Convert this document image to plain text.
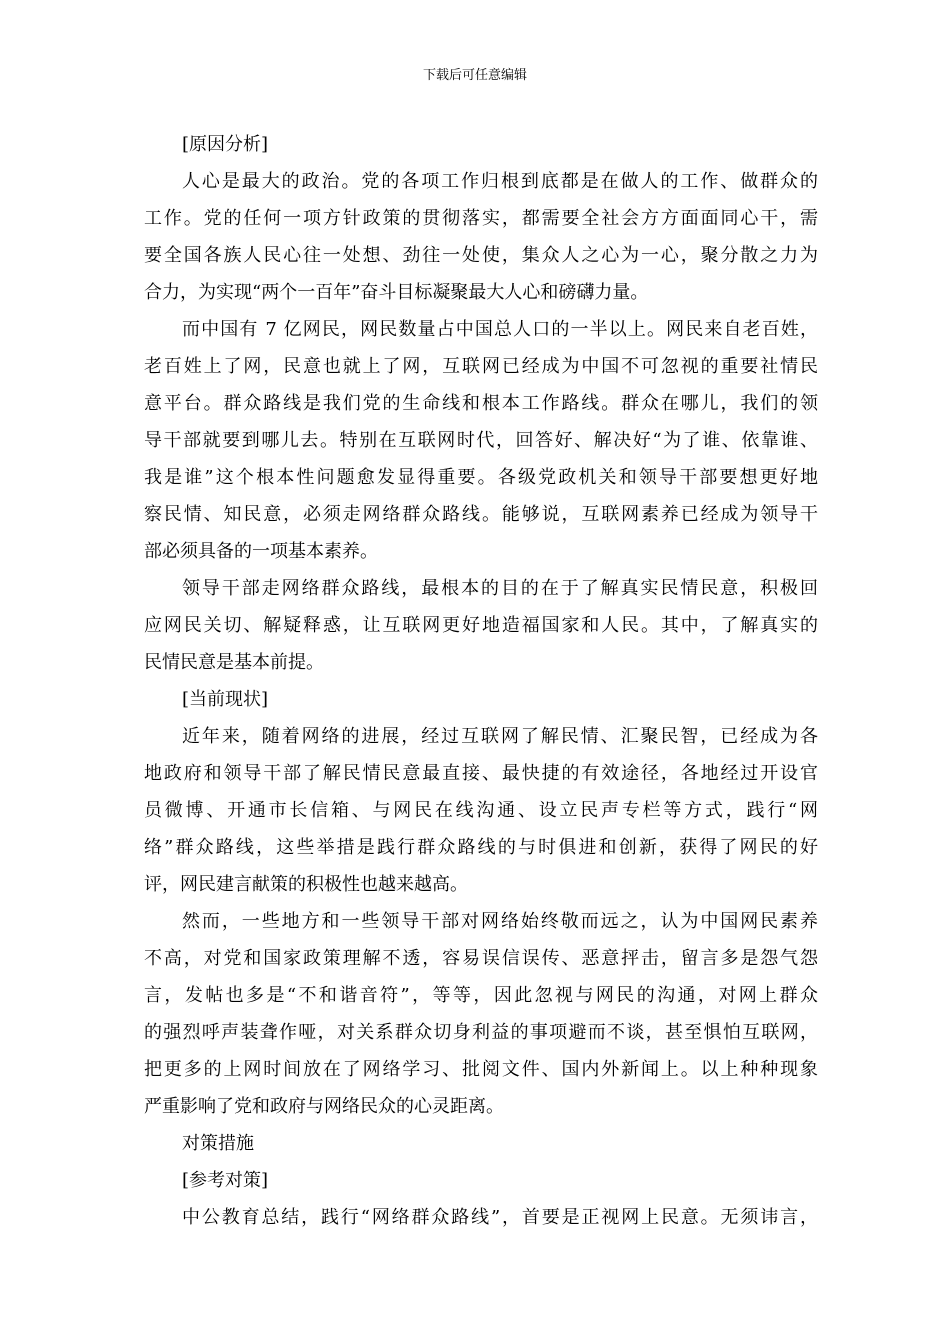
下载后可任意编辑
[原因分析]
人心是最大的政治。党的各项工作归根到底都是在做人的工作、做群众的
工作。党的任何一项方针政策的贯彻落实，都需要全社会方方面面同心干，需
要全国各族人民心往一处想、劲往一处使，集众人之心为一心，聚分散之力为
合力，为实现“两个一百年”奋斗目标凝聚最大人心和磅礴力量。
而中国有 7 亿网民，网民数量占中国总人口的一半以上。网民来自老百姓，
老百姓上了网，民意也就上了网，互联网已经成为中国不可忽视的重要社情民
意平台。群众路线是我们党的生命线和根本工作路线。群众在哪儿，我们的领
导干部就要到哪儿去。特别在互联网时代，回答好、解决好“为了谁、依靠谁、
我是谁”这个根本性问题愈发显得重要。各级党政机关和领导干部要想更好地
察民情、知民意，必须走网络群众路线。能够说，互联网素养已经成为领导干
部必须具备的一项基本素养。
领导干部走网络群众路线，最根本的目的在于了解真实民情民意，积极回
应网民关切、解疑释惑，让互联网更好地造福国家和人民。其中，了解真实的
民情民意是基本前提。
[当前现状]
近年来，随着网络的进展，经过互联网了解民情、汇聚民智，已经成为各
地政府和领导干部了解民情民意最直接、最快捷的有效途径，各地经过开设官
员微博、开通市长信箱、与网民在线沟通、设立民声专栏等方式，践行“网
络”群众路线，这些举措是践行群众路线的与时俱进和创新，获得了网民的好
评，网民建言献策的积极性也越来越高。
然而，一些地方和一些领导干部对网络始终敬而远之，认为中国网民素养
不高，对党和国家政策理解不透，容易误信误传、恶意抨击，留言多是怨气怨
言，发帖也多是“不和谐音符”，等等，因此忽视与网民的沟通，对网上群众
的强烈呼声装聋作哑，对关系群众切身利益的事项避而不谈，甚至惧怕互联网，
把更多的上网时间放在了网络学习、批阅文件、国内外新闻上。以上种种现象
严重影响了党和政府与网络民众的心灵距离。
对策措施
[参考对策]
中公教育总结，践行“网络群众路线”，首要是正视网上民意。无须讳言，
